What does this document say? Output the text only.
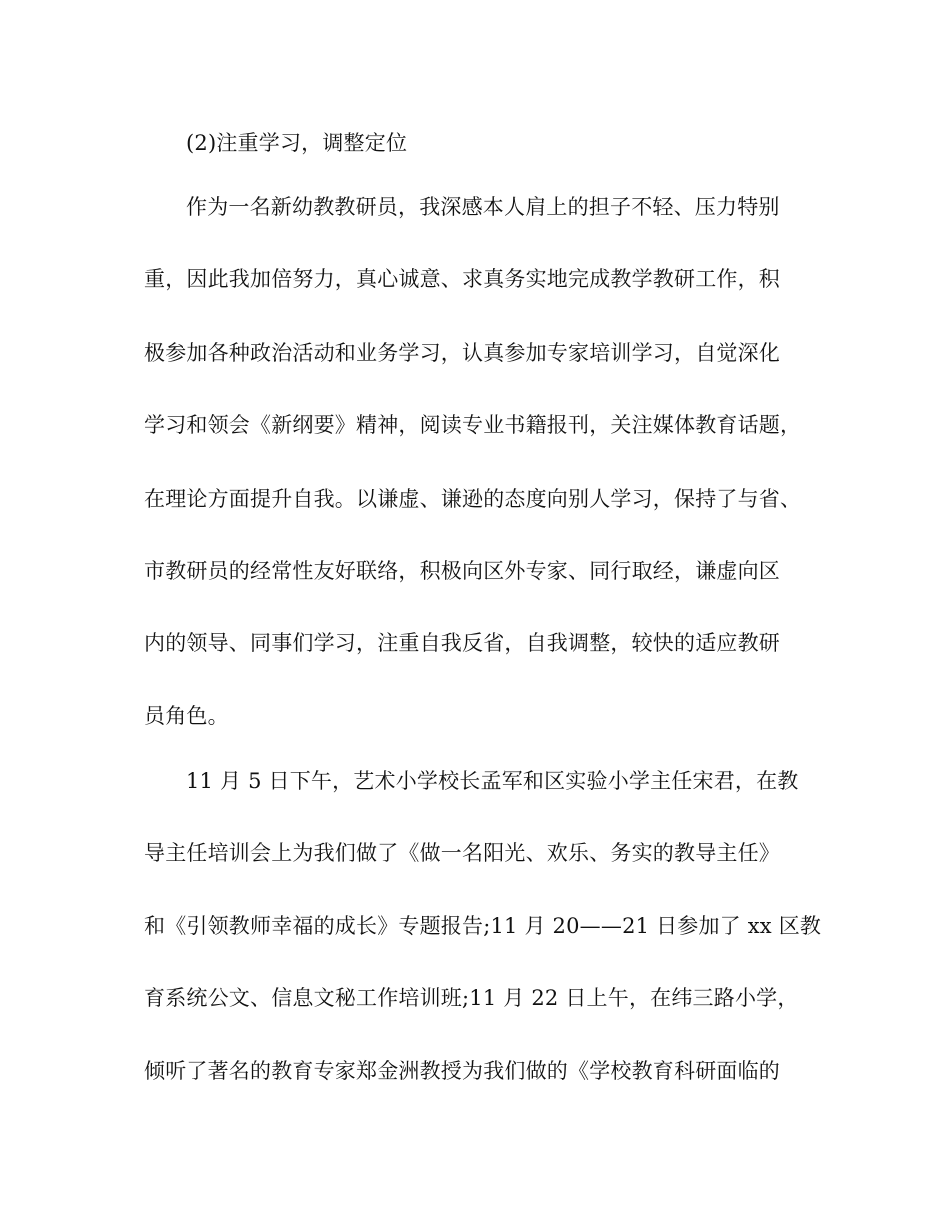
(2)注重学习，调整定位
作为一名新幼教教研员，我深感本人肩上的担子不轻、压力特别
重，因此我加倍努力，真心诚意、求真务实地完成教学教研工作，积
极参加各种政治活动和业务学习，认真参加专家培训学习，自觉深化
学习和领会《新纲要》精神，阅读专业书籍报刊，关注媒体教育话题，
在理论方面提升自我。以谦虚、谦逊的态度向别人学习，保持了与省、
市教研员的经常性友好联络，积极向区外专家、同行取经，谦虚向区
内的领导、同事们学习，注重自我反省，自我调整，较快的适应教研
员角色。
11 月 5 日下午，艺术小学校长孟军和区实验小学主任宋君，在教
导主任培训会上为我们做了《做一名阳光、欢乐、务实的教导主任》
和《引领教师幸福的成长》专题报告;11 月 20——21 日参加了 xx 区教
育系统公文、信息文秘工作培训班;11 月 22 日上午，在纬三路小学，
倾听了著名的教育专家郑金洲教授为我们做的《学校教育科研面临的
